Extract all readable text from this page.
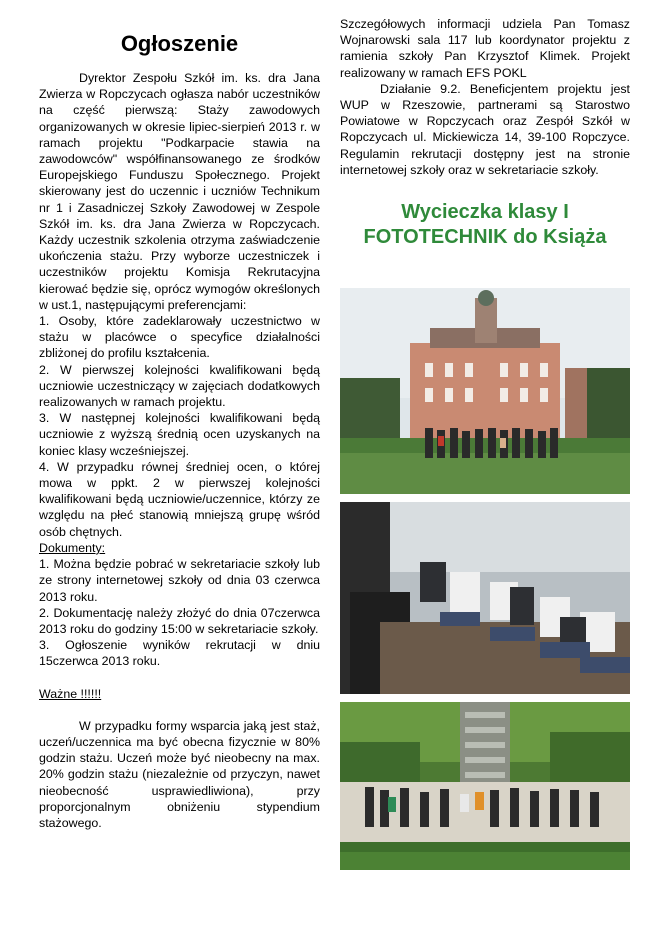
Ogłoszenie

Dyrektor Zespołu Szkół im. ks. dra Jana Zwierza w Ropczycach ogłasza nabór uczestników na część pierwszą: Staży zawodowych organizowanych w okresie lipiec-sierpień 2013 r. w ramach projektu "Podkarpacie stawia na zawodowców" współfinansowanego ze środków Europejskiego Funduszu Społecznego. Projekt skierowany jest do uczennic i uczniów Technikum nr 1 i Zasadniczej Szkoły Zawodowej w Zespole Szkół im. ks. dra Jana Zwierza w Ropczycach. Każdy uczestnik szkolenia otrzyma zaświadczenie ukończenia stażu. Przy wyborze uczestniczek i uczestników projektu Komisja Rekrutacyjna kierować będzie się, oprócz wymogów określonych w ust.1, następującymi preferencjami:

1. Osoby, które zadeklarowały uczestnictwo w stażu w placówce o specyfice działalności zbliżonej do profilu kształcenia.

2. W pierwszej kolejności kwalifikowani będą uczniowie uczestniczący w zajęciach dodatkowych realizowanych w ramach projektu.

3. W następnej kolejności kwalifikowani będą uczniowie z wyższą średnią ocen uzyskanych na koniec klasy wcześniejszej.

4. W przypadku równej średniej ocen, o której mowa w ppkt. 2 w pierwszej kolejności kwalifikowani będą uczniowie/uczennice, którzy ze względu na płeć stanowią mniejszą grupę wśród osób chętnych.

Dokumenty:

1. Można będzie pobrać w sekretariacie szkoły lub ze strony internetowej szkoły od dnia 03 czerwca 2013 roku.

2. Dokumentację należy złożyć do dnia 07czerwca 2013 roku do godziny 15:00 w sekretariacie szkoły.

3. Ogłoszenie wyników rekrutacji w dniu 15czerwca 2013 roku.

Ważne !!!!!!

W przypadku formy wsparcia jaką jest staż, uczeń/uczennica ma być obecna fizycznie w 80% godzin stażu. Uczeń może być nieobecny na max. 20% godzin stażu (niezależnie od przyczyn, nawet nieobecność usprawiedliwiona), przy proporcjonalnym obniżeniu stypendium stażowego.

Szczegółowych informacji udziela Pan Tomasz Wojnarowski sala 117 lub koordynator projektu z ramienia szkoły Pan Krzysztof Klimek. Projekt realizowany w ramach EFS POKL

Działanie 9.2. Beneficjentem projektu jest WUP w Rzeszowie, partnerami są Starostwo Powiatowe w Ropczycach oraz Zespół Szkół w Ropczycach ul. Mickiewicza 14, 39-100 Ropczyce. Regulamin rekrutacji dostępny jest na stronie internetowej szkoły oraz w sekretariacie szkoły.

Wycieczka klasy I
FOTOTECHNIK do Książa
